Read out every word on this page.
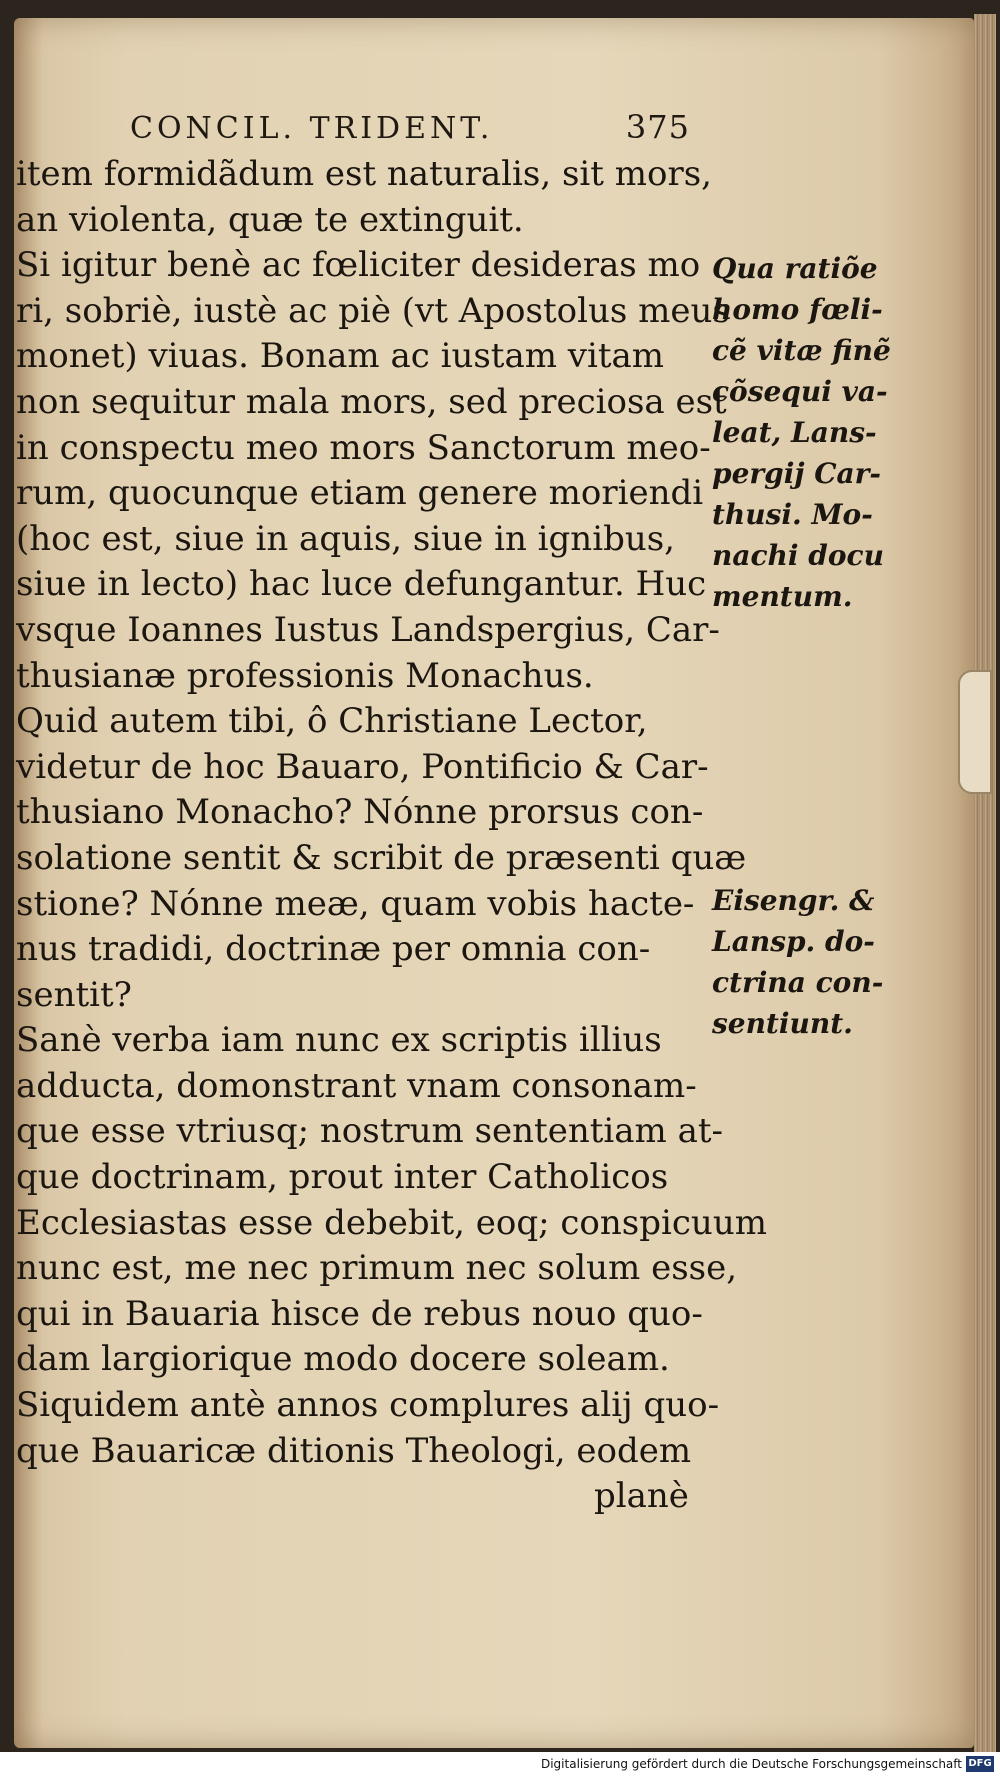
CONCIL. TRIDENT.	375
item formidãdum est naturalis, sit mors,
an violenta, quæ te extinguit.
Si igitur benè ac fœliciter desideras mo
ri, sobriè, iustè ac piè (vt Apostolus meus
monet) viuas. Bonam ac iustam vitam
non sequitur mala mors, sed preciosa est
in conspectu meo mors Sanctorum meo-
rum, quocunque etiam genere moriendi
(hoc est, siue in aquis, siue in ignibus,
siue in lecto) hac luce defungantur. Huc
vsque Ioannes Iustus Landspergius, Car-
thusianæ professionis Monachus.
Quid autem tibi, ô Christiane Lector,
videtur de hoc Bauaro, Pontificio & Car-
thusiano Monacho? Nónne prorsus con-
solatione sentit & scribit de præsenti quæ
stione? Nónne meæ, quam vobis hacte-
nus tradidi, doctrinæ per omnia con-
sentit?
Sanè verba iam nunc ex scriptis illius
adducta, domonstrant vnam consonam-
que esse vtriusq; nostrum sententiam at-
que doctrinam, prout inter Catholicos
Ecclesiastas esse debebit, eoq; conspicuum
nunc est, me nec primum nec solum esse,
qui in Bauaria hisce de rebus nouo quo-
dam largiorique modo docere soleam.
Siquidem antè annos complures alij quo-
que Bauaricæ ditionis Theologi, eodem
planè
Qua ratiõe
homo fœli-
cẽ vitæ finẽ
cõsequi va-
leat, Lans-
pergij Car-
thusi. Mo-
nachi docu
mentum.
Eisengr. &
Lansp. do-
ctrina con-
sentiunt.
Digitalisierung gefördert durch die Deutsche Forschungsgemeinschaft DFG
